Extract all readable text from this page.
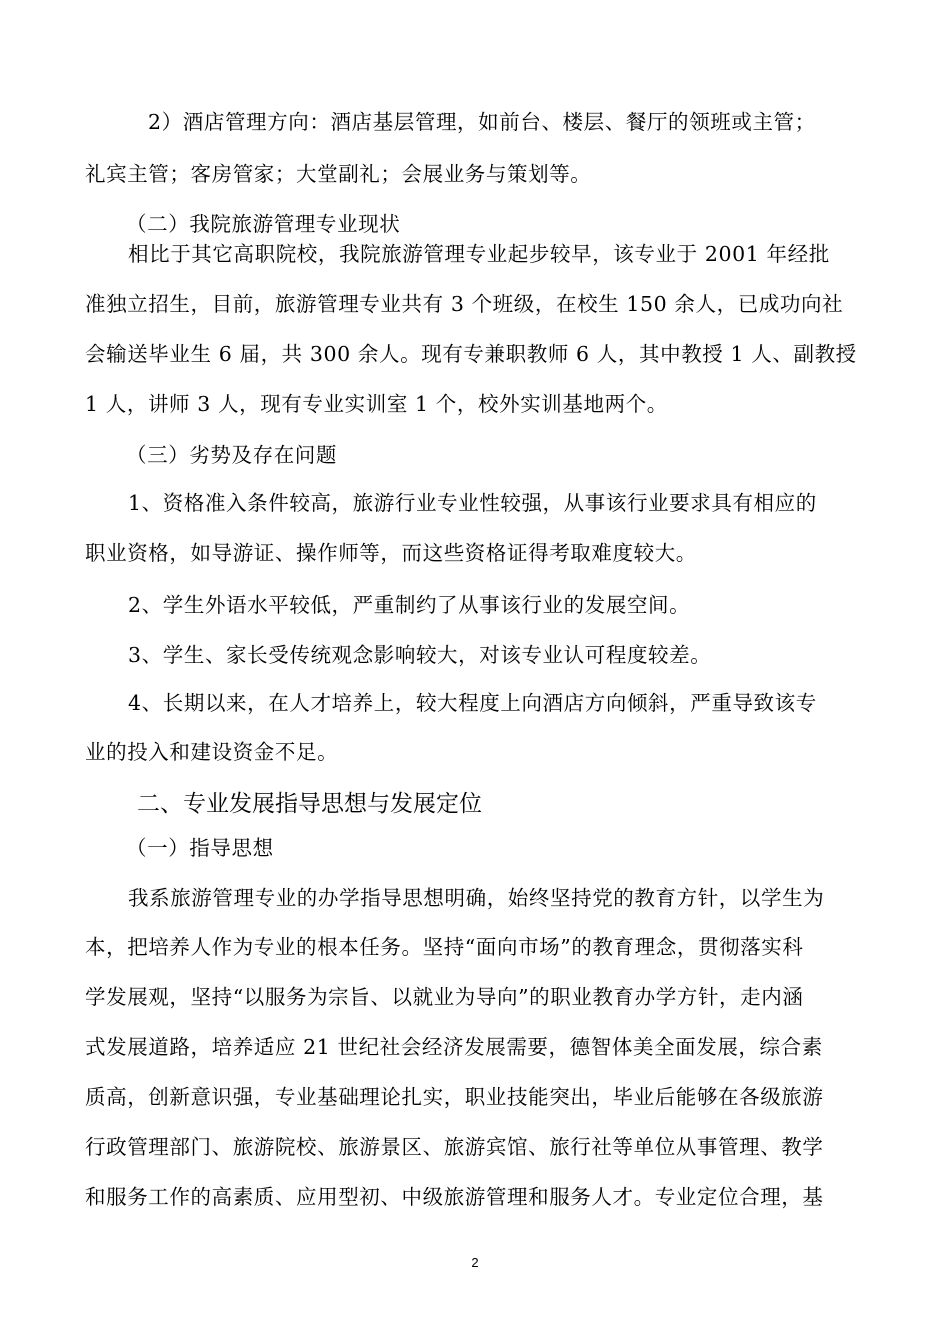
2）酒店管理方向：酒店基层管理，如前台、楼层、餐厅的领班或主管；
礼宾主管；客房管家；大堂副礼；会展业务与策划等。
（二）我院旅游管理专业现状
相比于其它高职院校，我院旅游管理专业起步较早，该专业于 2001 年经批
准独立招生，目前，旅游管理专业共有 3 个班级，在校生 150 余人，已成功向社
会输送毕业生 6 届，共 300 余人。现有专兼职教师 6 人，其中教授 1 人、副教授
1 人，讲师 3 人，现有专业实训室 1 个，校外实训基地两个。
（三）劣势及存在问题
1、资格准入条件较高，旅游行业专业性较强，从事该行业要求具有相应的
职业资格，如导游证、操作师等，而这些资格证得考取难度较大。
2、学生外语水平较低，严重制约了从事该行业的发展空间。
3、学生、家长受传统观念影响较大，对该专业认可程度较差。
4、长期以来，在人才培养上，较大程度上向酒店方向倾斜，严重导致该专
业的投入和建设资金不足。
二、专业发展指导思想与发展定位
（一）指导思想
我系旅游管理专业的办学指导思想明确，始终坚持党的教育方针，以学生为
本，把培养人作为专业的根本任务。坚持“面向市场”的教育理念，贯彻落实科
学发展观，坚持“以服务为宗旨、以就业为导向”的职业教育办学方针，走内涵
式发展道路，培养适应 21 世纪社会经济发展需要，德智体美全面发展，综合素
质高，创新意识强，专业基础理论扎实，职业技能突出，毕业后能够在各级旅游
行政管理部门、旅游院校、旅游景区、旅游宾馆、旅行社等单位从事管理、教学
和服务工作的高素质、应用型初、中级旅游管理和服务人才。专业定位合理，基
2
